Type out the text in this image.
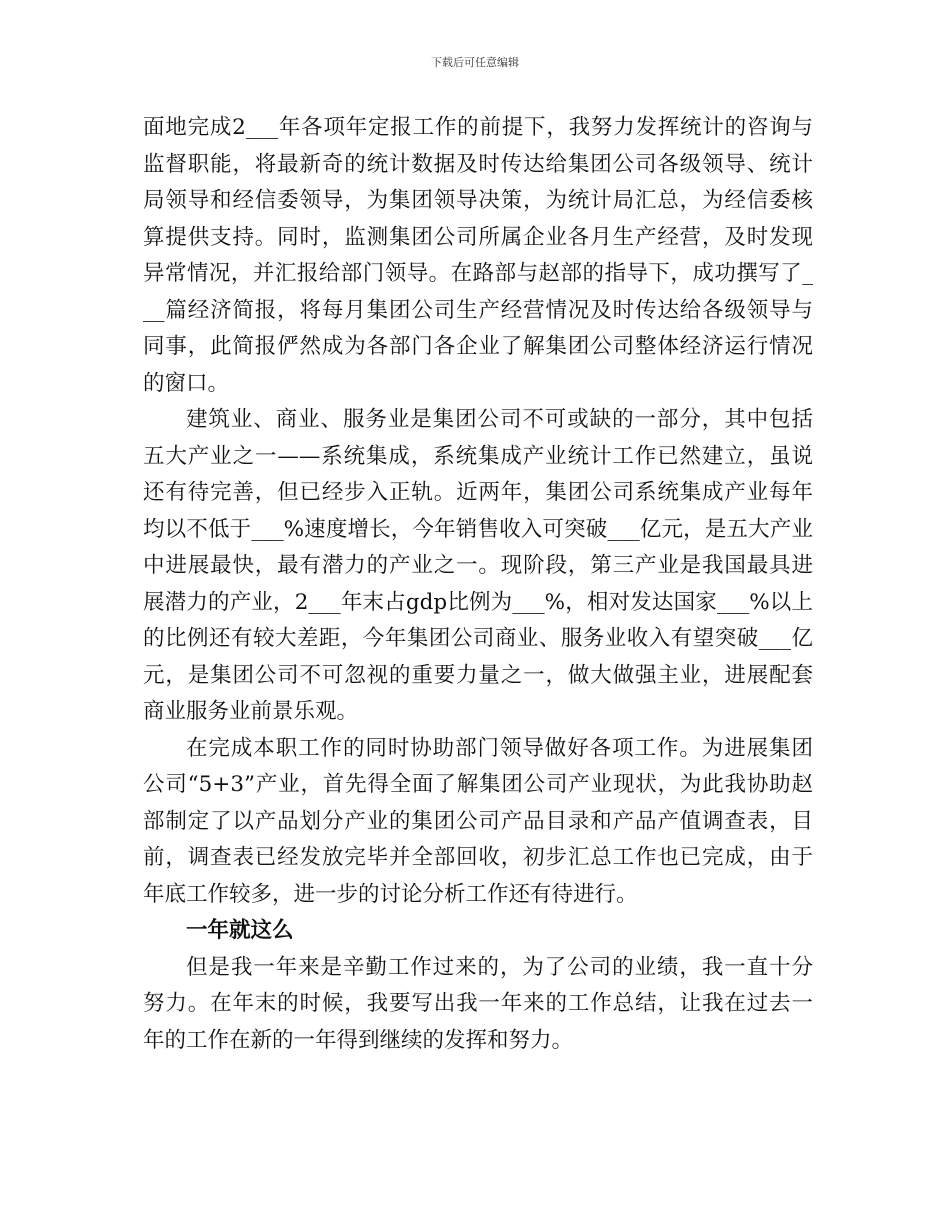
下载后可任意编辑
面地完成2___年各项年定报工作的前提下，我努力发挥统计的咨询与
监督职能，将最新奇的统计数据及时传达给集团公司各级领导、统计
局领导和经信委领导，为集团领导决策，为统计局汇总，为经信委核
算提供支持。同时，监测集团公司所属企业各月生产经营，及时发现
异常情况，并汇报给部门领导。在路部与赵部的指导下，成功撰写了_
__篇经济简报，将每月集团公司生产经营情况及时传达给各级领导与
同事，此简报俨然成为各部门各企业了解集团公司整体经济运行情况
的窗口。
建筑业、商业、服务业是集团公司不可或缺的一部分，其中包括
五大产业之一——系统集成，系统集成产业统计工作已然建立，虽说
还有待完善，但已经步入正轨。近两年，集团公司系统集成产业每年
均以不低于___%速度增长，今年销售收入可突破___亿元，是五大产业
中进展最快，最有潜力的产业之一。现阶段，第三产业是我国最具进
展潜力的产业，2___年末占gdp比例为___%，相对发达国家___%以上
的比例还有较大差距，今年集团公司商业、服务业收入有望突破___亿
元，是集团公司不可忽视的重要力量之一，做大做强主业，进展配套
商业服务业前景乐观。
在完成本职工作的同时协助部门领导做好各项工作。为进展集团
公司“5+3”产业，首先得全面了解集团公司产业现状，为此我协助赵
部制定了以产品划分产业的集团公司产品目录和产品产值调查表，目
前，调查表已经发放完毕并全部回收，初步汇总工作也已完成，由于
年底工作较多，进一步的讨论分析工作还有待进行。
一年就这么
但是我一年来是辛勤工作过来的，为了公司的业绩，我一直十分
努力。在年末的时候，我要写出我一年来的工作总结，让我在过去一
年的工作在新的一年得到继续的发挥和努力。
